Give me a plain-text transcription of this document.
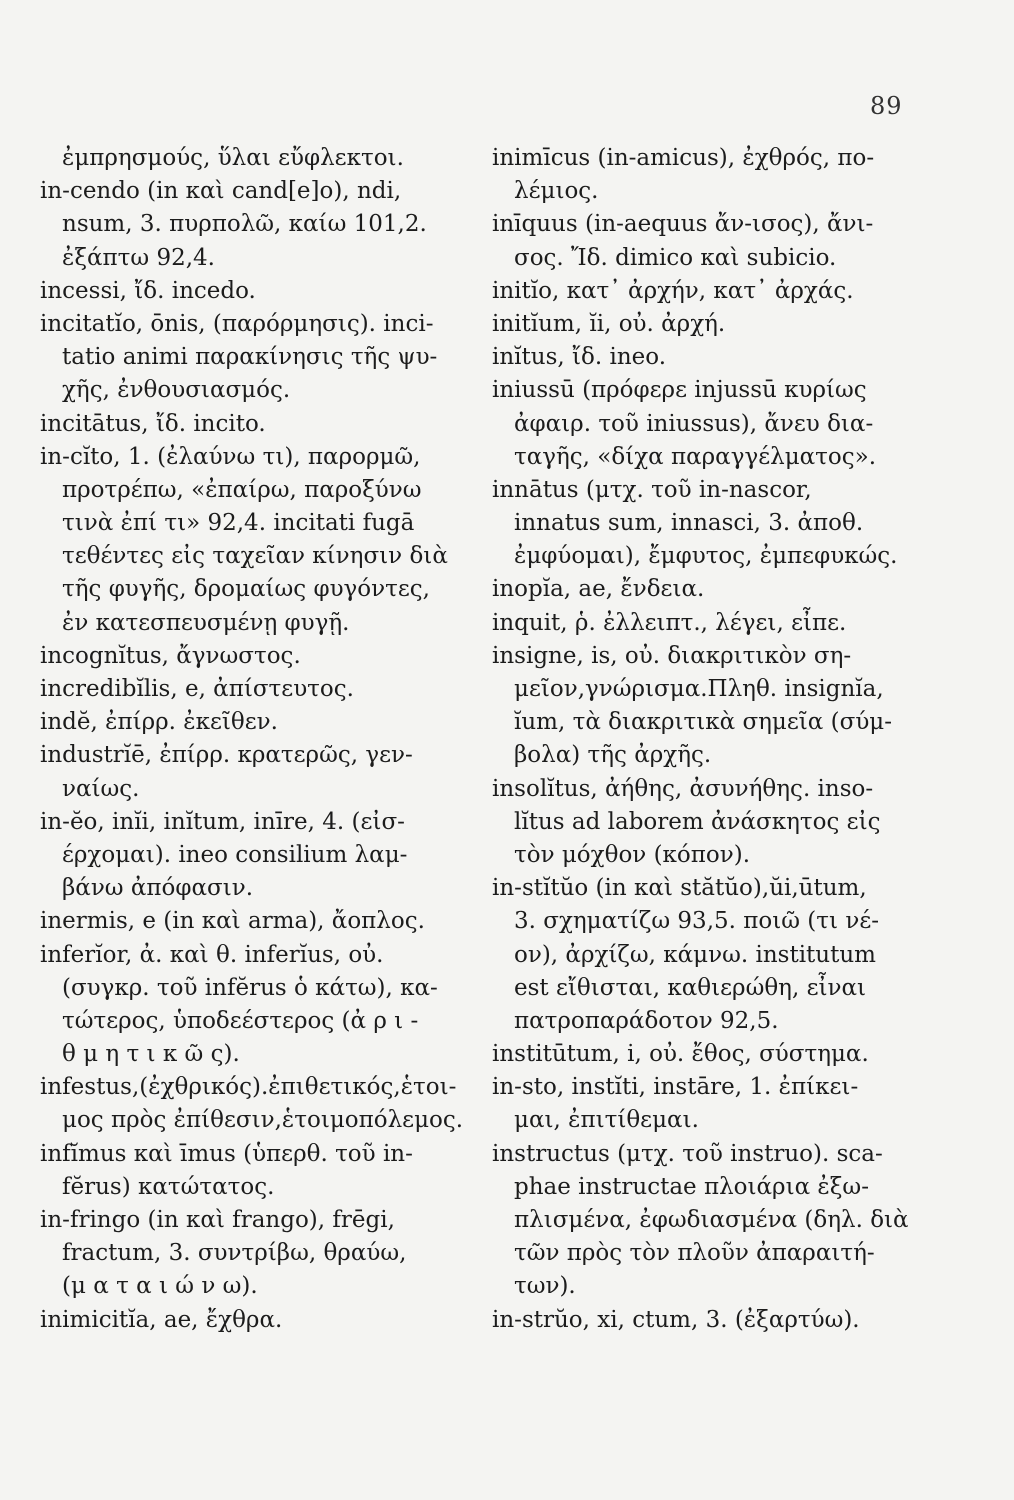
89
ἐμπρησμούς, ὕλαι εὔφλεκτοι.
in-cendo (in καὶ cand[e]o), ndi,
nsum, 3. πυρπολῶ, καίω 101,2.
ἐξάπτω 92,4.
incessi, ἴδ. incedo.
incitatĭo, ōnis, (παρόρμησις). inci-
tatio animi παρακίνησις τῆς ψυ-
χῆς, ἐνθουσιασμός.
incitātus, ἴδ. incito.
in-cĭto, 1. (ἐλαύνω τι), παρορμῶ,
προτρέπω, «ἐπαίρω, παροξύνω
τινὰ ἐπί τι» 92,4. incitati fugā
τεθέντες εἰς ταχεῖαν κίνησιν διὰ
τῆς φυγῆς, δρομαίως φυγόντες,
ἐν κατεσπευσμένῃ φυγῇ.
incognĭtus, ἄγνωστος.
incredibĭlis, e, ἀπίστευτος.
indĕ, ἐπίρρ. ἐκεῖθεν.
industrĭē, ἐπίρρ. κρατερῶς, γεν-
ναίως.
in-ĕo, inĭi, inĭtum, inīre, 4. (εἰσ-
έρχομαι). ineo consilium λαμ-
βάνω ἀπόφασιν.
inermis, e (in καὶ arma), ἄοπλος.
inferĭor, ἀ. καὶ θ. inferĭus, οὐ.
(συγκρ. τοῦ infĕrus ὁ κάτω), κα-
τώτερος, ὑποδεέστερος (ἀ ρ ι -
θ μ η τ ι κ ῶ ς).
infestus,(ἐχθρικός).ἐπιθετικός,ἑτοι-
μος πρὸς ἐπίθεσιν,ἑτοιμοπόλεμος.
infĭmus καὶ īmus (ὑπερθ. τοῦ in-
fĕrus) κατώτατος.
in-fringo (in καὶ frango), frēgi,
fractum, 3. συντρίβω, θραύω,
(μ α τ α ι ώ ν ω).
inimicitĭa, ae, ἔχθρα.
inimīcus (in-amicus), ἐχθρός, πο-
λέμιος.
inīquus (in-aequus ἄν-ισος), ἄνι-
σος. Ἴδ. dimico καὶ subicio.
initĭo, κατ᾽ ἀρχήν, κατ᾽ ἀρχάς.
initĭum, ĭi, οὐ. ἀρχή.
inĭtus, ἴδ. ineo.
iniussū (πρόφερε injussū κυρίως
ἀφαιρ. τοῦ iniussus), ἄνευ δια-
ταγῆς, «δίχα παραγγέλματος».
innātus (μτχ. τοῦ in-nascor,
innatus sum, innasci, 3. ἀποθ.
ἐμφύομαι), ἔμφυτος, ἐμπεφυκώς.
inopĭa, ae, ἔνδεια.
inquit, ῥ. ἐλλειπτ., λέγει, εἶπε.
insigne, is, οὐ. διακριτικὸν ση-
μεῖον,γνώρισμα.Πληθ. insignĭa,
ĭum, τὰ διακριτικὰ σημεῖα (σύμ-
βολα) τῆς ἀρχῆς.
insolĭtus, ἀήθης, ἀσυνήθης. inso-
lĭtus ad laborem ἀνάσκητος εἰς
τὸν μόχθον (κόπον).
in-stĭtŭo (in καὶ stătŭo),ŭi,ūtum,
3. σχηματίζω 93,5. ποιῶ (τι νέ-
ον), ἀρχίζω, κάμνω. institutum
est εἴθισται, καθιερώθη, εἶναι
πατροπαράδοτον 92,5.
institūtum, i, οὐ. ἔθος, σύστημα.
in-sto, instĭti, instāre, 1. ἐπίκει-
μαι, ἐπιτίθεμαι.
instructus (μτχ. τοῦ instruo). sca-
phae instructae πλοιάρια ἐξω-
πλισμένα, ἐφωδιασμένα (δηλ. διὰ
τῶν πρὸς τὸν πλοῦν ἀπαραιτή-
των).
in-strŭo, xi, ctum, 3. (ἐξαρτύω).
